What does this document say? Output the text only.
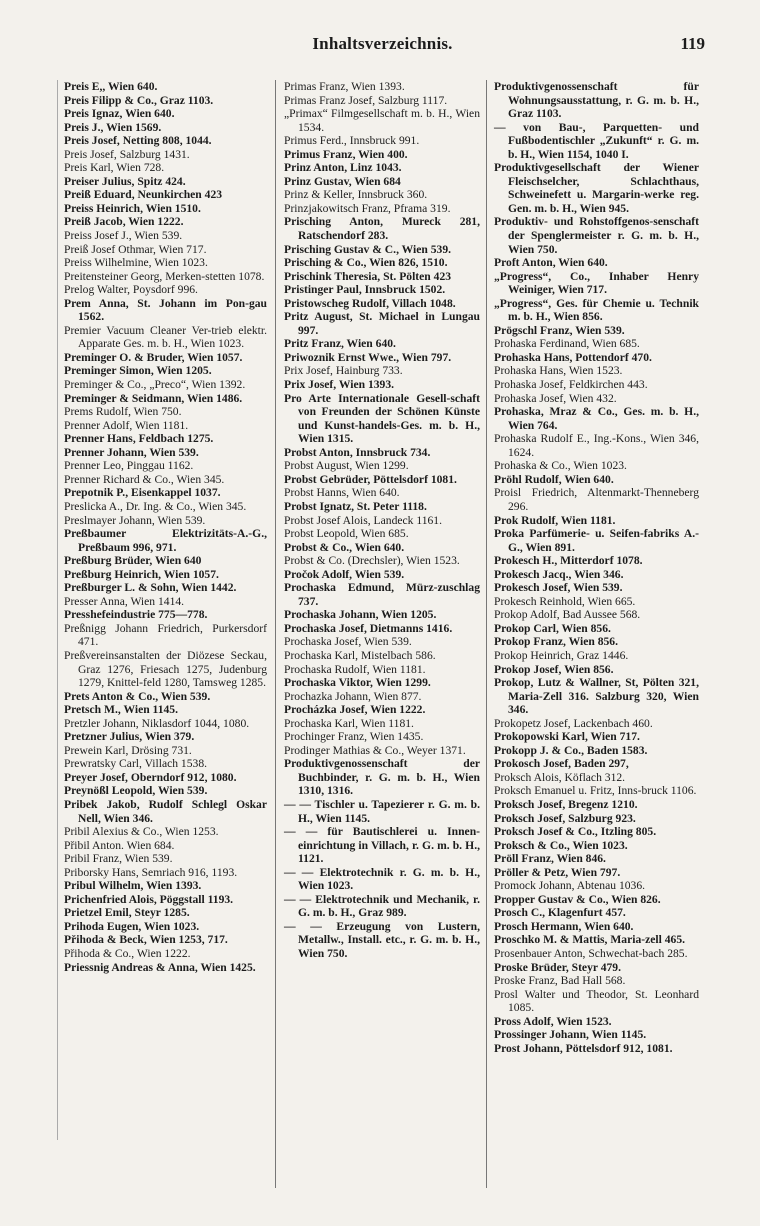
Inhaltsverzeichnis.	119
Preis E,, Wien 640.
Preis Filipp & Co., Graz 1103.
Preis Ignaz, Wien 640.
Preis J., Wien 1569.
Preis Josef, Netting 808, 1044.
Preis Josef, Salzburg 1431.
Preis Karl, Wien 728.
Preiser Julius, Spitz 424.
Preiß Eduard, Neunkirchen 423
Preiss Heinrich, Wien 1510.
Preiß Jacob, Wien 1222.
Preiss Josef J., Wien 539.
Preiß Josef Othmar, Wien 717.
Preiss Wilhelmine, Wien 1023.
Preitensteiner Georg, Merken-stetten 1078.
Prelog Walter, Poysdorf 996.
Prem Anna, St. Johann im Pon-gau 1562.
Premier Vacuum Cleaner Ver-trieb elektr. Apparate Ges. m. b. H., Wien 1023.
Preminger O. & Bruder, Wien 1057.
Preminger Simon, Wien 1205.
Preminger & Co., „Preco“, Wien 1392.
Preminger & Seidmann, Wien 1486.
Prems Rudolf, Wien 750.
Prenner Adolf, Wien 1181.
Prenner Hans, Feldbach 1275.
Prenner Johann, Wien 539.
Prenner Leo, Pinggau 1162.
Prenner Richard & Co., Wien 345.
Prepotnik P., Eisenkappel 1037.
Preslicka A., Dr. Ing. & Co., Wien 345.
Preslmayer Johann, Wien 539.
Preßbaumer Elektrizitäts-A.-G., Preßbaum 996, 971.
Preßburg Brüder, Wien 640
Preßburg Heinrich, Wien 1057.
Preßburger L. & Sohn, Wien 1442.
Presser Anna, Wien 1414.
Presshefeindustrie 775—778.
Preßnigg Johann Friedrich, Purkersdorf 471.
Preßvereinsanstalten der Diözese Seckau, Graz 1276, Friesach 1275, Judenburg 1279, Knittel-feld 1280, Tamsweg 1285.
Prets Anton & Co., Wien 539.
Pretsch M., Wien 1145.
Pretzler Johann, Niklasdorf 1044, 1080.
Pretzner Julius, Wien 379.
Prewein Karl, Drösing 731.
Prewratsky Carl, Villach 1538.
Preyer Josef, Oberndorf 912, 1080.
Preynößl Leopold, Wien 539.
Pribek Jakob, Rudolf Schlegl Oskar Nell, Wien 346.
Pribil Alexius & Co., Wien 1253.
Přibil Anton. Wien 684.
Pribil Franz, Wien 539.
Priborsky Hans, Semriach 916, 1193.
Pribul Wilhelm, Wien 1393.
Prichenfried Alois, Pöggstall 1193.
Prietzel Emil, Steyr 1285.
Prihoda Eugen, Wien 1023.
Přihoda & Beck, Wien 1253, 717.
Přihoda & Co., Wien 1222.
Priessnig Andreas & Anna, Wien 1425.
Primas Franz, Wien 1393.
Primas Franz Josef, Salzburg 1117.
„Primax“ Filmgesellschaft m. b. H., Wien 1534.
Primus Ferd., Innsbruck 991.
Primus Franz, Wien 400.
Prinz Anton, Linz 1043.
Prinz Gustav, Wien 684
Prinz & Keller, Innsbruck 360.
Prinzjakowitsch Franz, Pframa 319.
Prisching Anton, Mureck 281, Ratschendorf 283.
Prisching Gustav & C., Wien 539.
Prisching & Co., Wien 826, 1510.
Prischink Theresia, St. Pölten 423
Pristinger Paul, Innsbruck 1502.
Pristowscheg Rudolf, Villach 1048.
Pritz August, St. Michael in Lungau 997.
Pritz Franz, Wien 640.
Priwoznik Ernst Wwe., Wien 797.
Prix Josef, Hainburg 733.
Prix Josef, Wien 1393.
Pro Arte Internationale Gesell-schaft von Freunden der Schönen Künste und Kunst-handels-Ges. m. b. H., Wien 1315.
Probst Anton, Innsbruck 734.
Probst August, Wien 1299.
Probst Gebrüder, Pöttelsdorf 1081.
Probst Hanns, Wien 640.
Probst Ignatz, St. Peter 1118.
Probst Josef Alois, Landeck 1161.
Probst Leopold, Wien 685.
Probst & Co., Wien 640.
Probst & Co. (Drechsler), Wien 1523.
Pročok Adolf, Wien 539.
Prochaska Edmund, Mürz-zuschlag 737.
Prochaska Johann, Wien 1205.
Prochaska Josef, Dietmanns 1416.
Prochaska Josef, Wien 539.
Prochaska Karl, Mistelbach 586.
Prochaska Rudolf, Wien 1181.
Prochaska Viktor, Wien 1299.
Prochazka Johann, Wien 877.
Procházka Josef, Wien 1222.
Prochaska Karl, Wien 1181.
Prochinger Franz, Wien 1435.
Prodinger Mathias & Co., Weyer 1371.
Produktivgenossenschaft der Buchbinder, r. G. m. b. H., Wien 1310, 1316.
— — Tischler u. Tapezierer r. G. m. b. H., Wien 1145.
— — für Bautischlerei u. Innen-einrichtung in Villach, r. G. m. b. H., 1121.
— — Elektrotechnik r. G. m. b. H., Wien 1023.
— — Elektrotechnik und Mechanik, r. G. m. b. H., Graz 989.
— — Erzeugung von Lustern, Metallw., Install. etc., r. G. m. b. H., Wien 750.
Produktivgenossenschaft für Wohnungsausstattung, r. G. m. b. H., Graz 1103.
— von Bau-, Parquetten- und Fußbodentischler „Zukunft“ r. G. m. b. H., Wien 1154, 1040 I.
Produktivgesellschaft der Wiener Fleischselcher, Schlachthaus, Schweinefett u. Margarin-werke reg. Gen. m. b. H., Wien 945.
Produktiv- und Rohstoffgenos-senschaft der Spenglermeister r. G. m. b. H., Wien 750.
Proft Anton, Wien 640.
„Progress“, Co., Inhaber Henry Weiniger, Wien 717.
„Progress“, Ges. für Chemie u. Technik m. b. H., Wien 856.
Prögschl Franz, Wien 539.
Prohaska Ferdinand, Wien 685.
Prohaska Hans, Pottendorf 470.
Prohaska Hans, Wien 1523.
Prohaska Josef, Feldkirchen 443.
Prohaska Josef, Wien 432.
Prohaska, Mraz & Co., Ges. m. b. H., Wien 764.
Prohaska Rudolf E., Ing.-Kons., Wien 346, 1624.
Prohaska & Co., Wien 1023.
Pröhl Rudolf, Wien 640.
Proisl Friedrich, Altenmarkt-Thenneberg 296.
Prok Rudolf, Wien 1181.
Proka Parfümerie- u. Seifen-fabriks A.-G., Wien 891.
Prokesch H., Mitterdorf 1078.
Prokesch Jacq., Wien 346.
Prokesch Josef, Wien 539.
Prokesch Reinhold, Wien 665.
Prokop Adolf, Bad Aussee 568.
Prokop Carl, Wien 856.
Prokop Franz, Wien 856.
Prokop Heinrich, Graz 1446.
Prokop Josef, Wien 856.
Prokop, Lutz & Wallner, St, Pölten 321, Maria-Zell 316. Salzburg 320, Wien 346.
Prokopetz Josef, Lackenbach 460.
Prokopowski Karl, Wien 717.
Prokopp J. & Co., Baden 1583.
Prokosch Josef, Baden 297,
Proksch Alois, Köflach 312.
Proksch Emanuel u. Fritz, Inns-bruck 1106.
Proksch Josef, Bregenz 1210.
Proksch Josef, Salzburg 923.
Proksch Josef & Co., Itzling 805.
Proksch & Co., Wien 1023.
Pröll Franz, Wien 846.
Pröller & Petz, Wien 797.
Promock Johann, Abtenau 1036.
Propper Gustav & Co., Wien 826.
Prosch C., Klagenfurt 457.
Prosch Hermann, Wien 640.
Proschko M. & Mattis, Maria-zell 465.
Prosenbauer Anton, Schwechat-bach 285.
Proske Brüder, Steyr 479.
Proske Franz, Bad Hall 568.
Prosl Walter und Theodor, St. Leonhard 1085.
Pross Adolf, Wien 1523.
Prossinger Johann, Wien 1145.
Prost Johann, Pöttelsdorf 912, 1081.
